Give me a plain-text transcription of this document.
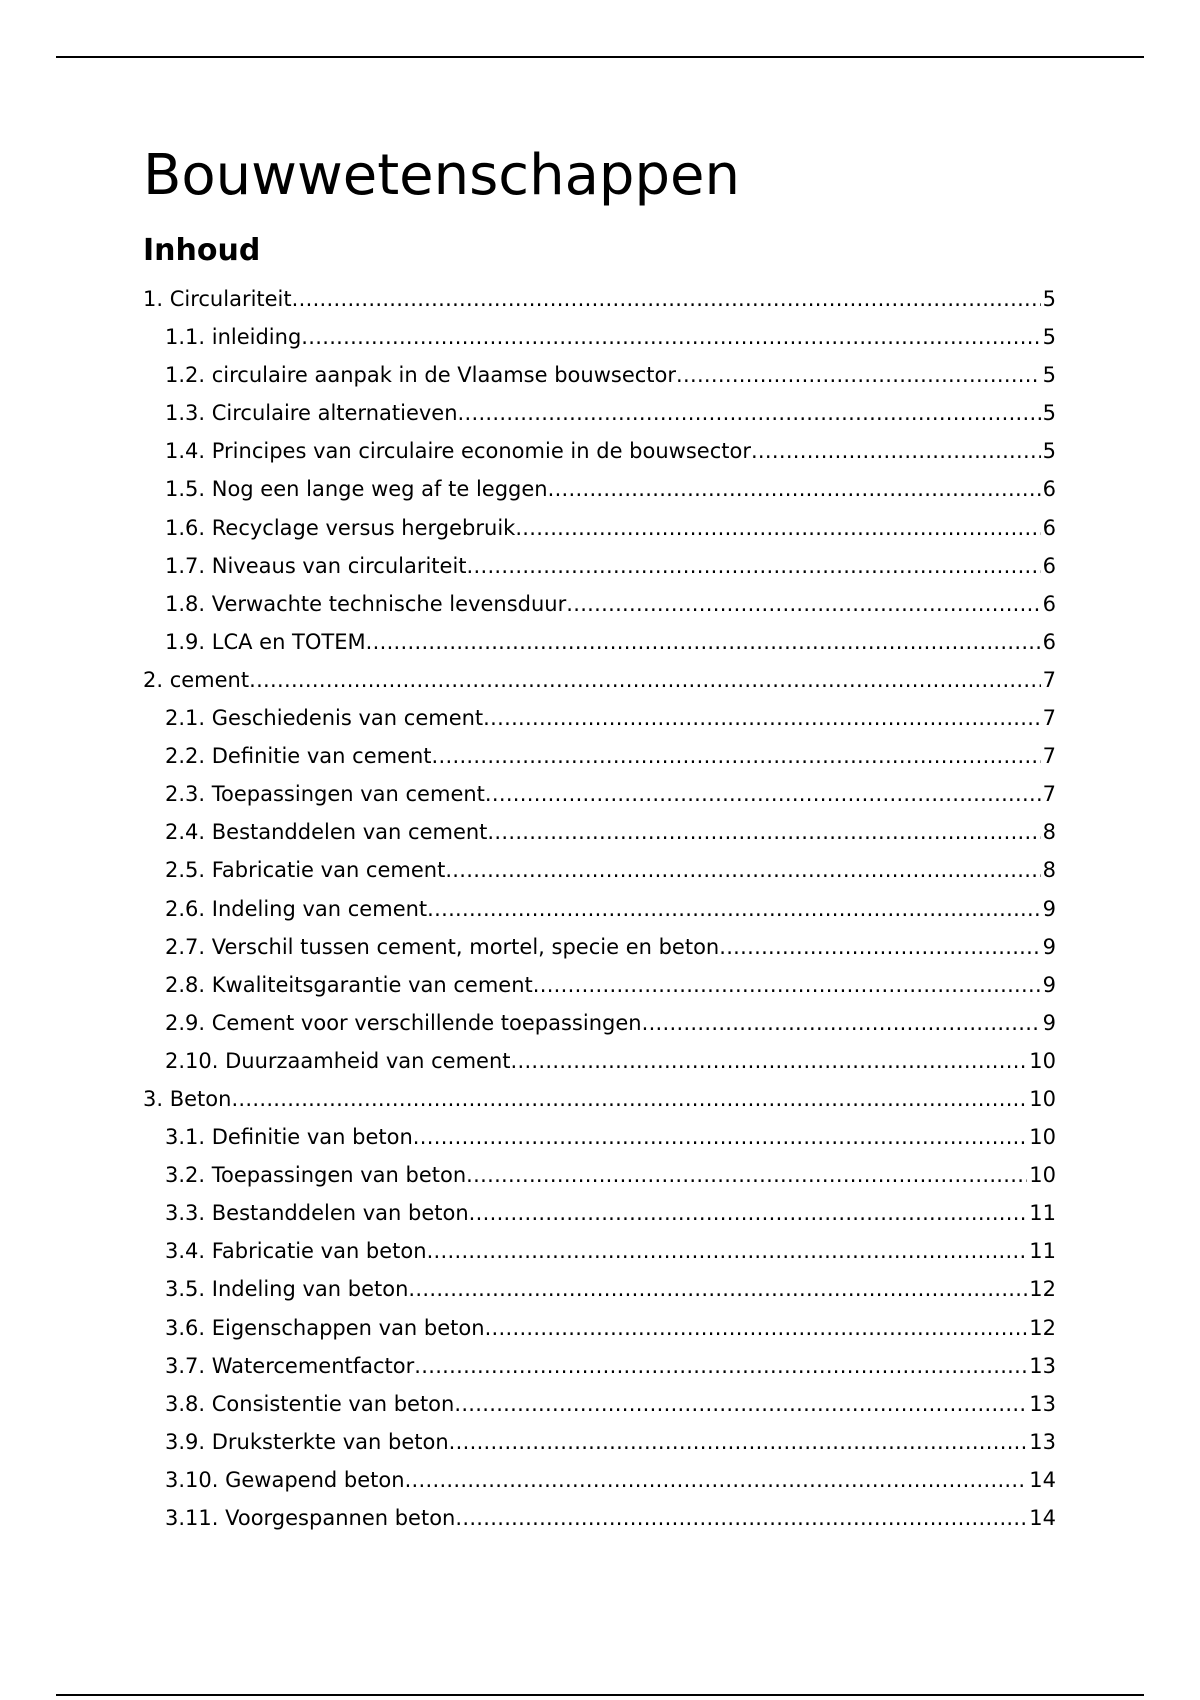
Bouwwetenschappen
Inhoud
1. Circulariteit .....	5
1.1. inleiding .....	5
1.2. circulaire aanpak in de Vlaamse bouwsector .....	5
1.3. Circulaire alternatieven .....	5
1.4. Principes van circulaire economie in de bouwsector .....	5
1.5. Nog een lange weg af te leggen .....	6
1.6. Recyclage versus hergebruik .....	6
1.7. Niveaus van circulariteit .....	6
1.8. Verwachte technische levensduur .....	6
1.9. LCA en TOTEM .....	6
2. cement .....	7
2.1. Geschiedenis van cement .....	7
2.2. Definitie van cement .....	7
2.3. Toepassingen van cement .....	7
2.4. Bestanddelen van cement .....	8
2.5. Fabricatie van cement .....	8
2.6. Indeling van cement .....	9
2.7. Verschil tussen cement, mortel, specie en beton .....	9
2.8. Kwaliteitsgarantie van cement .....	9
2.9. Cement voor verschillende toepassingen .....	9
2.10. Duurzaamheid van cement .....	10
3. Beton .....	10
3.1. Definitie van beton .....	10
3.2. Toepassingen van beton .....	10
3.3. Bestanddelen van beton .....	11
3.4. Fabricatie van beton .....	11
3.5. Indeling van beton .....	12
3.6. Eigenschappen van beton .....	12
3.7. Watercementfactor .....	13
3.8. Consistentie van beton .....	13
3.9. Druksterkte van beton .....	13
3.10. Gewapend beton .....	14
3.11. Voorgespannen beton .....	14
